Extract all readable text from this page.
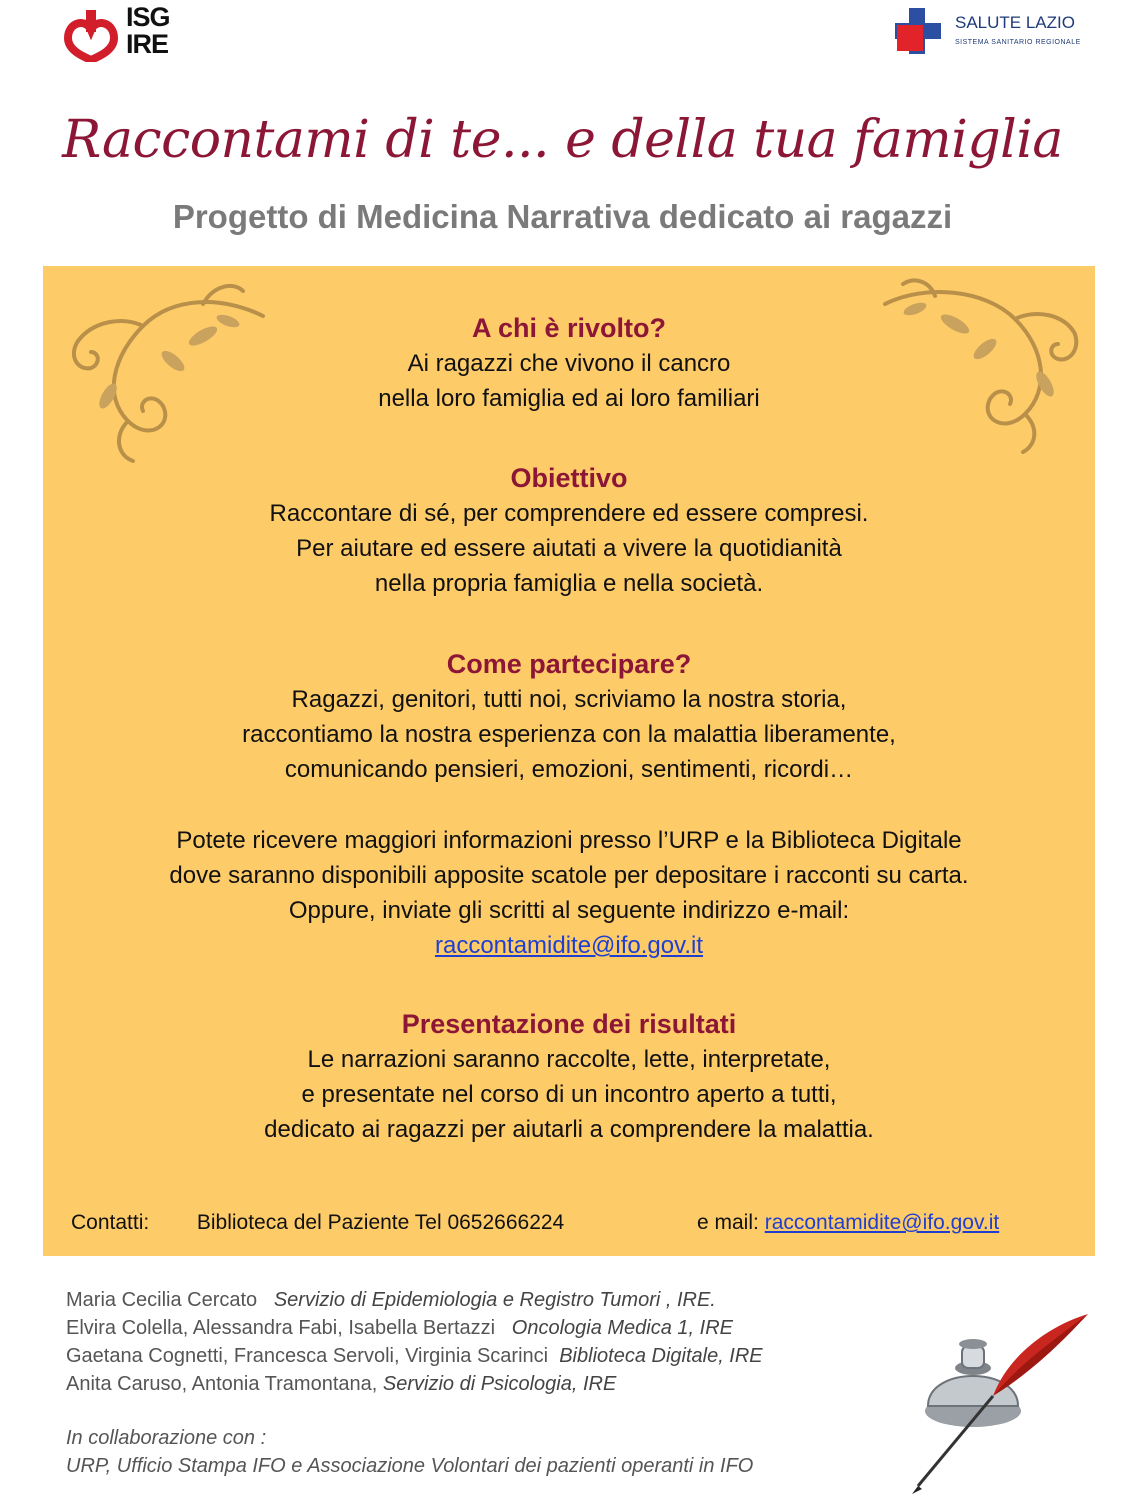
ISG
IRE
SALUTE LAZIO
SISTEMA SANITARIO REGIONALE
Raccontami di te... e della tua famiglia
Progetto di Medicina Narrativa dedicato ai ragazzi
A chi è rivolto?

Ai ragazzi che vivono il cancro

nella loro famiglia ed ai loro familiari

Obiettivo

Raccontare di sé, per comprendere ed essere compresi.

Per aiutare ed essere aiutati a vivere la quotidianità

nella propria famiglia e nella società.

Come partecipare?

Ragazzi, genitori, tutti noi, scriviamo la nostra storia,

raccontiamo la nostra esperienza con la malattia liberamente,

comunicando pensieri, emozioni, sentimenti, ricordi…

Potete ricevere maggiori informazioni presso l’URP e la Biblioteca Digitale

dove saranno disponibili apposite scatole per depositare i racconti su carta.

Oppure, inviate gli scritti al seguente indirizzo e-mail:

raccontamidite@ifo.gov.it

Presentazione dei risultati

Le narrazioni saranno raccolte, lette, interpretate,

e presentate nel corso di un incontro aperto a tutti,

dedicato ai ragazzi per aiutarli a comprendere la malattia.

Contatti: Biblioteca del Paziente Tel 0652666224	e mail: raccontamidite@ifo.gov.it
Maria Cecilia Cercato Servizio di Epidemiologia e Registro Tumori , IRE.
Elvira Colella, Alessandra Fabi, Isabella Bertazzi Oncologia Medica 1, IRE
Gaetana Cognetti, Francesca Servoli, Virginia Scarinci Biblioteca Digitale, IRE
Anita Caruso, Antonia Tramontana, Servizio di Psicologia, IRE
In collaborazione con :
URP, Ufficio Stampa IFO e Associazione Volontari dei pazienti operanti in IFO
